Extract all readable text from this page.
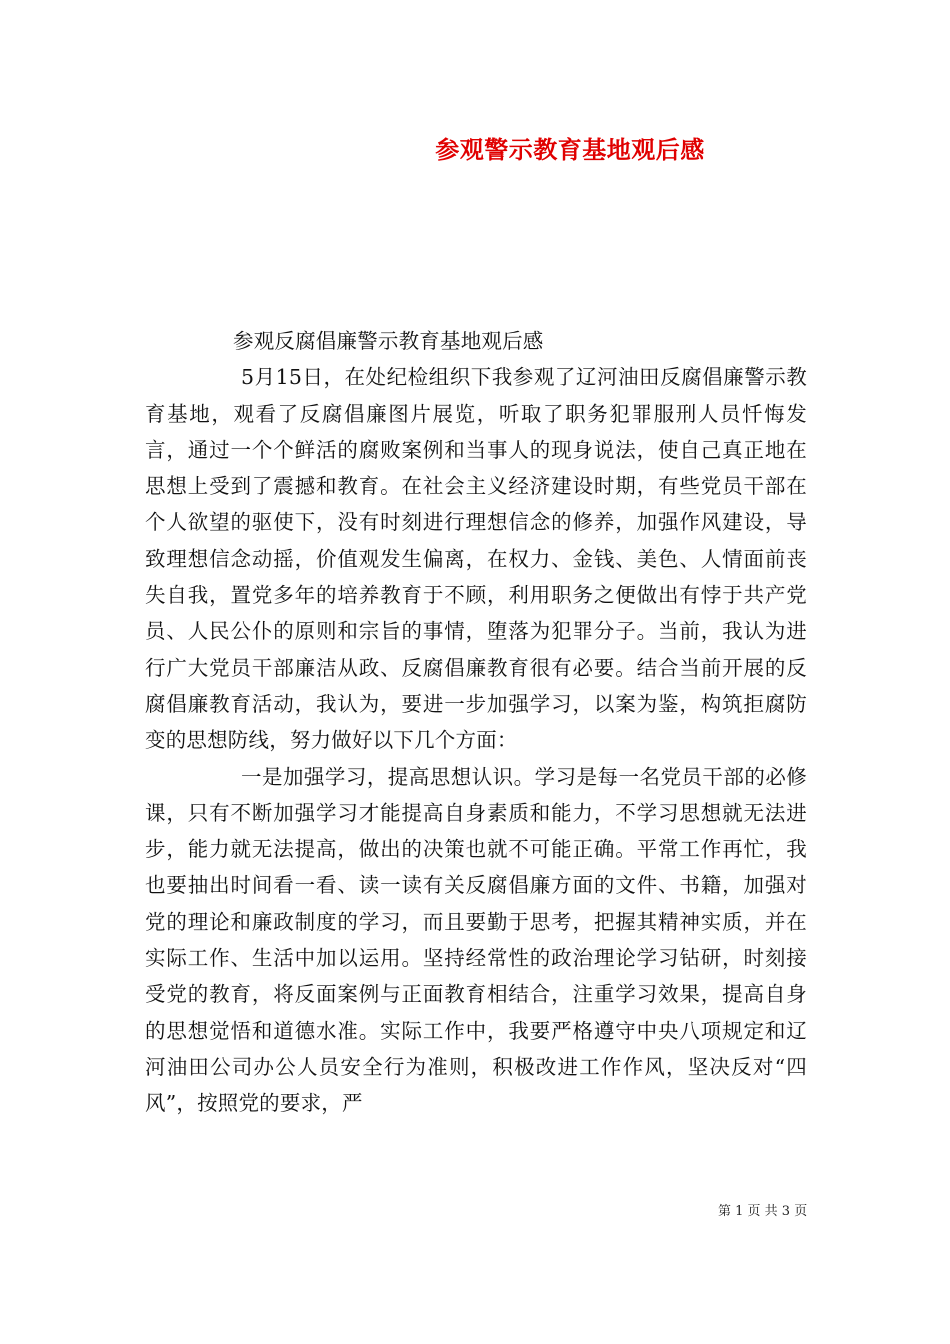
参观警示教育基地观后感

参观反腐倡廉警示教育基地观后感

5月15日，在处纪检组织下我参观了辽河油田反腐倡廉警示教育基地，观看了反腐倡廉图片展览，听取了职务犯罪服刑人员忏悔发言，通过一个个鲜活的腐败案例和当事人的现身说法，使自己真正地在思想上受到了震撼和教育。在社会主义经济建设时期，有些党员干部在个人欲望的驱使下，没有时刻进行理想信念的修养，加强作风建设，导致理想信念动摇，价值观发生偏离，在权力、金钱、美色、人情面前丧失自我，置党多年的培养教育于不顾，利用职务之便做出有悖于共产党员、人民公仆的原则和宗旨的事情，堕落为犯罪分子。当前，我认为进行广大党员干部廉洁从政、反腐倡廉教育很有必要。结合当前开展的反腐倡廉教育活动，我认为，要进一步加强学习，以案为鉴，构筑拒腐防变的思想防线，努力做好以下几个方面：

一是加强学习，提高思想认识。学习是每一名党员干部的必修课，只有不断加强学习才能提高自身素质和能力，不学习思想就无法进步，能力就无法提高，做出的决策也就不可能正确。平常工作再忙，我也要抽出时间看一看、读一读有关反腐倡廉方面的文件、书籍，加强对党的理论和廉政制度的学习，而且要勤于思考，把握其精神实质，并在实际工作、生活中加以运用。坚持经常性的政治理论学习钻研，时刻接受党的教育，将反面案例与正面教育相结合，注重学习效果，提高自身的思想觉悟和道德水准。实际工作中，我要严格遵守中央八项规定和辽河油田公司办公人员安全行为准则，积极改进工作作风，坚决反对“四风”，按照党的要求，严

第 1 页 共 3 页
